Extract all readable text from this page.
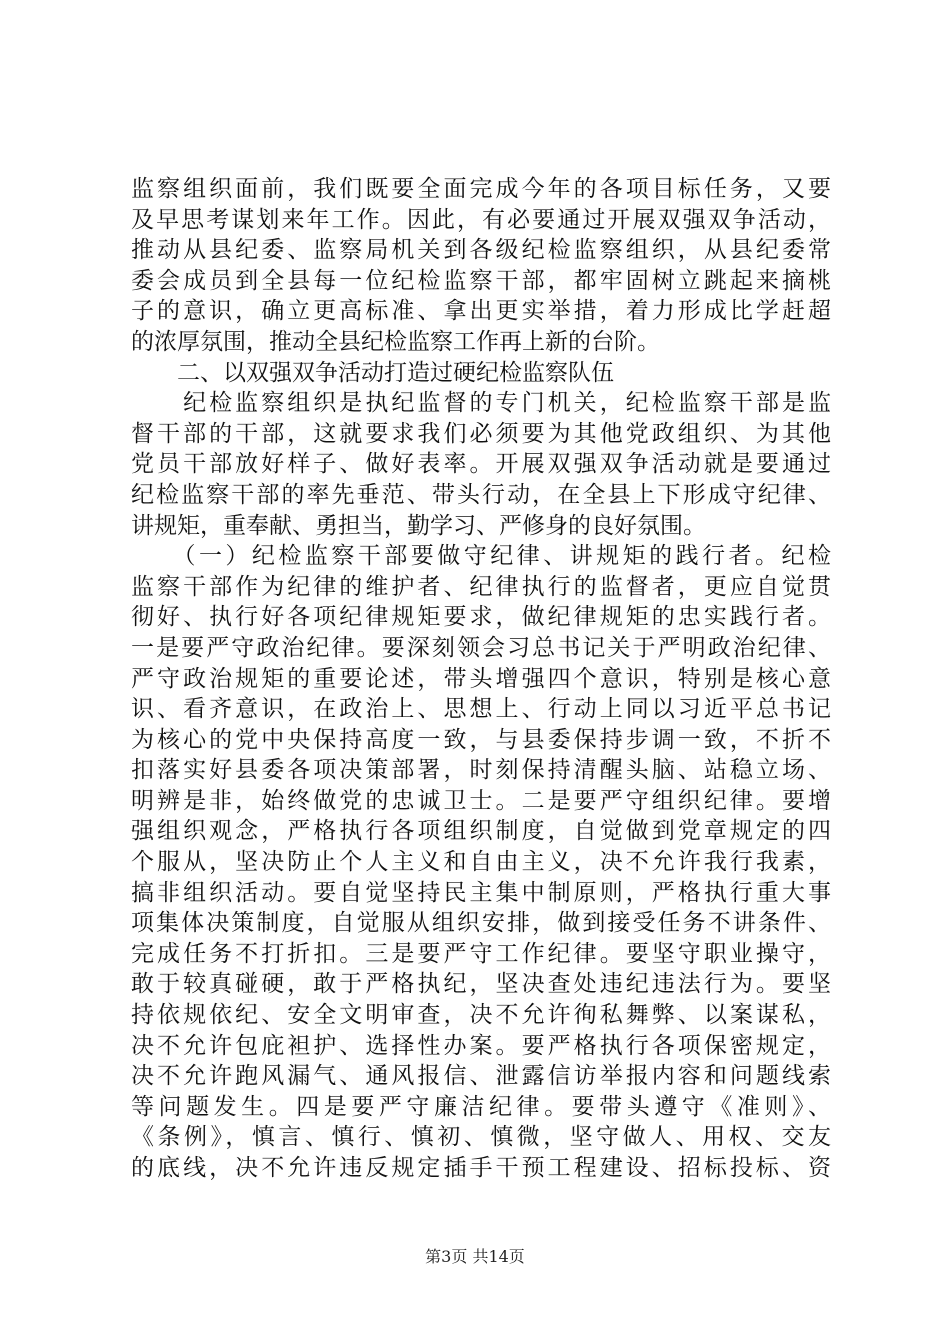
监察组织面前，我们既要全面完成今年的各项目标任务，又要
及早思考谋划来年工作。因此，有必要通过开展双强双争活动，
推动从县纪委、监察局机关到各级纪检监察组织，从县纪委常
委会成员到全县每一位纪检监察干部，都牢固树立跳起来摘桃
子的意识，确立更高标准、拿出更实举措，着力形成比学赶超
的浓厚氛围，推动全县纪检监察工作再上新的台阶。
　　二、以双强双争活动打造过硬纪检监察队伍
　　纪检监察组织是执纪监督的专门机关，纪检监察干部是监
督干部的干部，这就要求我们必须要为其他党政组织、为其他
党员干部放好样子、做好表率。开展双强双争活动就是要通过
纪检监察干部的率先垂范、带头行动，在全县上下形成守纪律、
讲规矩，重奉献、勇担当，勤学习、严修身的良好氛围。
　　（一）纪检监察干部要做守纪律、讲规矩的践行者。纪检
监察干部作为纪律的维护者、纪律执行的监督者，更应自觉贯
彻好、执行好各项纪律规矩要求，做纪律规矩的忠实践行者。
一是要严守政治纪律。要深刻领会习总书记关于严明政治纪律、
严守政治规矩的重要论述，带头增强四个意识，特别是核心意
识、看齐意识，在政治上、思想上、行动上同以习近平总书记
为核心的党中央保持高度一致，与县委保持步调一致，不折不
扣落实好县委各项决策部署，时刻保持清醒头脑、站稳立场、
明辨是非，始终做党的忠诚卫士。二是要严守组织纪律。要增
强组织观念，严格执行各项组织制度，自觉做到党章规定的四
个服从，坚决防止个人主义和自由主义，决不允许我行我素，
搞非组织活动。要自觉坚持民主集中制原则，严格执行重大事
项集体决策制度，自觉服从组织安排，做到接受任务不讲条件、
完成任务不打折扣。三是要严守工作纪律。要坚守职业操守，
敢于较真碰硬，敢于严格执纪，坚决查处违纪违法行为。要坚
持依规依纪、安全文明审查，决不允许徇私舞弊、以案谋私，
决不允许包庇袒护、选择性办案。要严格执行各项保密规定，
决不允许跑风漏气、通风报信、泄露信访举报内容和问题线索
等问题发生。四是要严守廉洁纪律。要带头遵守《准则》、
《条例》，慎言、慎行、慎初、慎微，坚守做人、用权、交友
的底线，决不允许违反规定插手干预工程建设、招标投标、资
第3页 共14页
